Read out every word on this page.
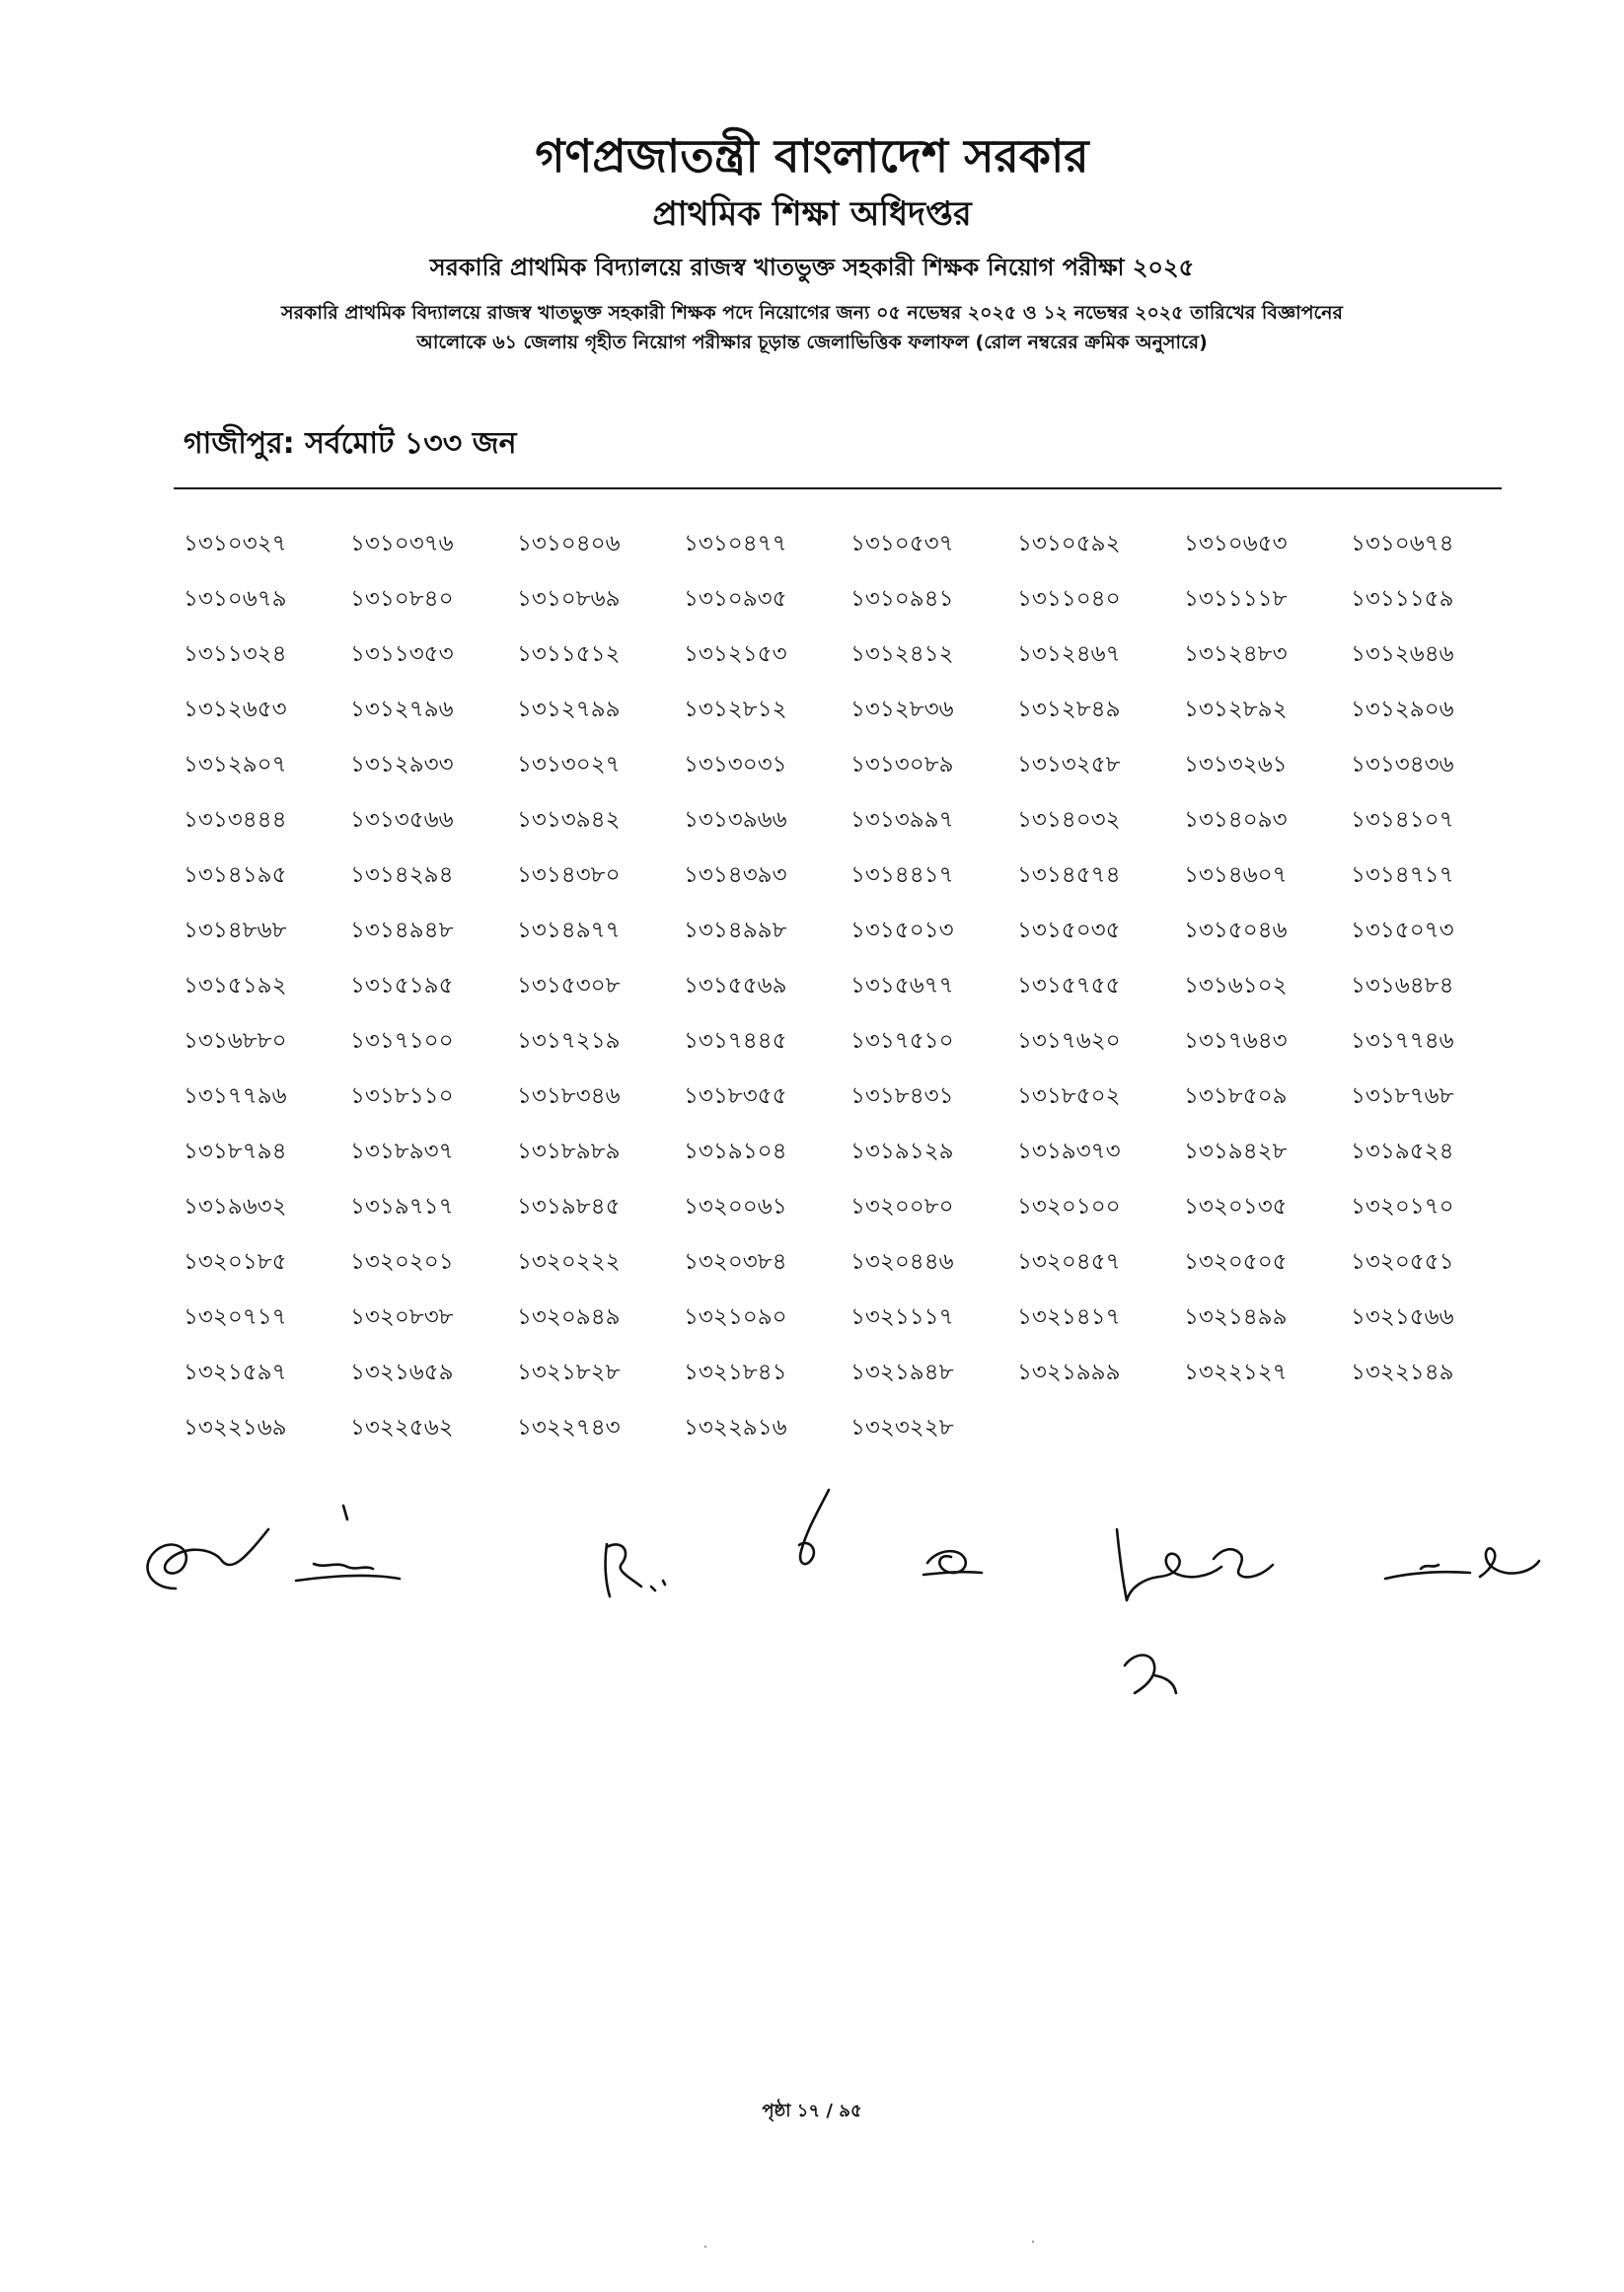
গণপ্রজাতন্ত্রী বাংলাদেশ সরকার
প্রাথমিক শিক্ষা অধিদপ্তর
সরকারি প্রাথমিক বিদ্যালয়ে রাজস্ব খাতভুক্ত সহকারী শিক্ষক নিয়োগ পরীক্ষা ২০২৫
সরকারি প্রাথমিক বিদ্যালয়ে রাজস্ব খাতভুক্ত সহকারী শিক্ষক পদে নিয়োগের জন্য ০৫ নভেম্বর ২০২৫ ও ১২ নভেম্বর ২০২৫ তারিখের বিজ্ঞাপনের
আলোকে ৬১ জেলায় গৃহীত নিয়োগ পরীক্ষার চূড়ান্ত জেলাভিত্তিক ফলাফল (রোল নম্বরের ক্রমিক অনুসারে)
গাজীপুর: সর্বমোট ১৩৩ জন
১৩১০৩২৭	১৩১০৩৭৬	১৩১০৪০৬	১৩১০৪৭৭	১৩১০৫৩৭	১৩১০৫৯২	১৩১০৬৫৩	১৩১০৬৭৪
১৩১০৬৭৯	১৩১০৮৪০	১৩১০৮৬৯	১৩১০৯৩৫	১৩১০৯৪১	১৩১১০৪০	১৩১১১১৮	১৩১১১৫৯
১৩১১৩২৪	১৩১১৩৫৩	১৩১১৫১২	১৩১২১৫৩	১৩১২৪১২	১৩১২৪৬৭	১৩১২৪৮৩	১৩১২৬৪৬
১৩১২৬৫৩	১৩১২৭৯৬	১৩১২৭৯৯	১৩১২৮১২	১৩১২৮৩৬	১৩১২৮৪৯	১৩১২৮৯২	১৩১২৯০৬
১৩১২৯০৭	১৩১২৯৩৩	১৩১৩০২৭	১৩১৩০৩১	১৩১৩০৮৯	১৩১৩২৫৮	১৩১৩২৬১	১৩১৩৪৩৬
১৩১৩৪৪৪	১৩১৩৫৬৬	১৩১৩৯৪২	১৩১৩৯৬৬	১৩১৩৯৯৭	১৩১৪০৩২	১৩১৪০৯৩	১৩১৪১০৭
১৩১৪১৯৫	১৩১৪২৯৪	১৩১৪৩৮০	১৩১৪৩৯৩	১৩১৪৪১৭	১৩১৪৫৭৪	১৩১৪৬০৭	১৩১৪৭১৭
১৩১৪৮৬৮	১৩১৪৯৪৮	১৩১৪৯৭৭	১৩১৪৯৯৮	১৩১৫০১৩	১৩১৫০৩৫	১৩১৫০৪৬	১৩১৫০৭৩
১৩১৫১৯২	১৩১৫১৯৫	১৩১৫৩০৮	১৩১৫৫৬৯	১৩১৫৬৭৭	১৩১৫৭৫৫	১৩১৬১০২	১৩১৬৪৮৪
১৩১৬৮৮০	১৩১৭১০০	১৩১৭২১৯	১৩১৭৪৪৫	১৩১৭৫১০	১৩১৭৬২০	১৩১৭৬৪৩	১৩১৭৭৪৬
১৩১৭৭৯৬	১৩১৮১১০	১৩১৮৩৪৬	১৩১৮৩৫৫	১৩১৮৪৩১	১৩১৮৫০২	১৩১৮৫০৯	১৩১৮৭৬৮
১৩১৮৭৯৪	১৩১৮৯৩৭	১৩১৮৯৮৯	১৩১৯১০৪	১৩১৯১২৯	১৩১৯৩৭৩	১৩১৯৪২৮	১৩১৯৫২৪
১৩১৯৬৩২	১৩১৯৭১৭	১৩১৯৮৪৫	১৩২০০৬১	১৩২০০৮০	১৩২০১০০	১৩২০১৩৫	১৩২০১৭০
১৩২০১৮৫	১৩২০২০১	১৩২০২২২	১৩২০৩৮৪	১৩২০৪৪৬	১৩২০৪৫৭	১৩২০৫০৫	১৩২০৫৫১
১৩২০৭১৭	১৩২০৮৩৮	১৩২০৯৪৯	১৩২১০৯০	১৩২১১১৭	১৩২১৪১৭	১৩২১৪৯৯	১৩২১৫৬৬
১৩২১৫৯৭	১৩২১৬৫৯	১৩২১৮২৮	১৩২১৮৪১	১৩২১৯৪৮	১৩২১৯৯৯	১৩২২১২৭	১৩২২১৪৯
১৩২২১৬৯	১৩২২৫৬২	১৩২২৭৪৩	১৩২২৯১৬	১৩২৩২২৮
পৃষ্ঠা ১৭ / ৯৫
